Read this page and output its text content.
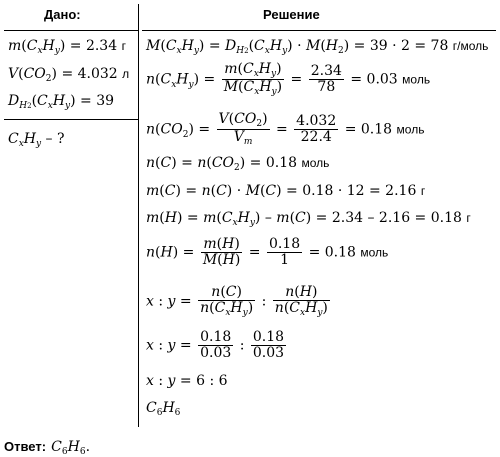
Дано:	Решение
$m(C_xH_y) = 2.34$ г
$V(CO_2) = 4.032$ л
$D_{H2}(C_xH_y) = 39$
$C_xH_y$ – ?
$M(C_xH_y) = D_{H2}(C_xH_y) \cdot M(H_2) = 39 \cdot 2 = 78$ г/моль
$n(C_xH_y) = \frac{m(C_xH_y)}{M(C_xH_y)} = \frac{2.34}{78} = 0.03$ моль
$n(CO_2) = \frac{V(CO_2)}{V_m} = \frac{4.032}{22.4} = 0.18$ моль
$n(C) = n(CO_2) = 0.18$ моль
m(C) = n(C) · M(C) = 0.18 · 12 = 2.16 г
$m(H) = m(C_xH_y) - m(C) = 2.34 - 2.16 = 0.18$ г
$n(H) = \frac{m(H)}{M(H)} = \frac{0.18}{1} = 0.18$ моль
x : $y = \frac{n(C)}{n(C_xH_y)}$ : $\frac{n(H)}{n(C_xH_y)}$
x : $y = \frac{0.18}{0.03}$ : $\frac{0.18}{0.03}$
x : y = 6 : 6
$C_6H_6$
Ответ: $C_6H_6$.
